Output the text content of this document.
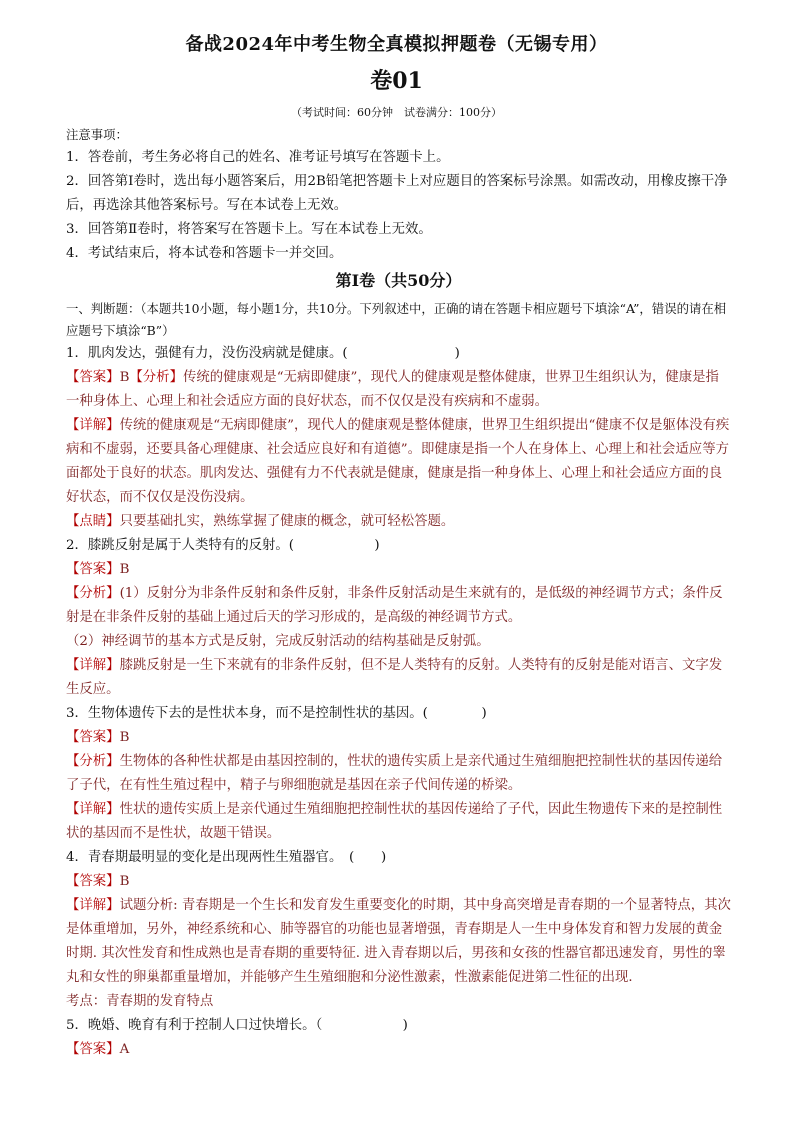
备战2024年中考生物全真模拟押题卷（无锡专用）
卷01
（考试时间：60分钟　试卷满分：100分）

注意事项：

1．答卷前，考生务必将自己的姓名、准考证号填写在答题卡上。

2．回答第Ⅰ卷时，选出每小题答案后，用2B铅笔把答题卡上对应题目的答案标号涂黑。如需改动，用橡皮擦干净后，再选涂其他答案标号。写在本试卷上无效。

3．回答第Ⅱ卷时，将答案写在答题卡上。写在本试卷上无效。

4．考试结束后，将本试卷和答题卡一并交回。

第Ⅰ卷（共50分）

一、判断题：（本题共10小题，每小题1分，共10分。下列叙述中，正确的请在答题卡相应题号下填涂“A”，错误的请在相应题号下填涂“B”）

1．肌肉发达，强健有力，没伤没病就是健康。(　　　　　　　　)

【答案】B【分析】传统的健康观是“无病即健康”，现代人的健康观是整体健康，世界卫生组织认为，健康是指一种身体上、心理上和社会适应方面的良好状态，而不仅仅是没有疾病和不虚弱。

【详解】传统的健康观是“无病即健康”，现代人的健康观是整体健康，世界卫生组织提出“健康不仅是躯体没有疾病和不虚弱，还要具备心理健康、社会适应良好和有道德”。即健康是指一个人在身体上、心理上和社会适应等方面都处于良好的状态。肌肉发达、强健有力不代表就是健康，健康是指一种身体上、心理上和社会适应方面的良好状态，而不仅仅是没伤没病。

【点睛】只要基础扎实，熟练掌握了健康的概念，就可轻松答题。

2．膝跳反射是属于人类特有的反射。(　　　　　　)

【答案】B

【分析】(1）反射分为非条件反射和条件反射，非条件反射活动是生来就有的，是低级的神经调节方式；条件反射是在非条件反射的基础上通过后天的学习形成的，是高级的神经调节方式。

（2）神经调节的基本方式是反射，完成反射活动的结构基础是反射弧。

【详解】膝跳反射是一生下来就有的非条件反射，但不是人类特有的反射。人类特有的反射是能对语言、文字发生反应。

3．生物体遗传下去的是性状本身，而不是控制性状的基因。(　　　　)

【答案】B

【分析】生物体的各种性状都是由基因控制的，性状的遗传实质上是亲代通过生殖细胞把控制性状的基因传递给了子代，在有性生殖过程中，精子与卵细胞就是基因在亲子代间传递的桥梁。

【详解】性状的遗传实质上是亲代通过生殖细胞把控制性状的基因传递给了子代，因此生物遗传下来的是控制性状的基因而不是性状，故题干错误。

4．青春期最明显的变化是出现两性生殖器官。　(　　)

【答案】B

【详解】试题分析: 青春期是一个生长和发育发生重要变化的时期，其中身高突增是青春期的一个显著特点，其次是体重增加，另外，神经系统和心、肺等器官的功能也显著增强，青春期是人一生中身体发育和智力发展的黄金时期. 其次性发育和性成熟也是青春期的重要特征. 进入青春期以后，男孩和女孩的性器官都迅速发育，男性的睾丸和女性的卵巢都重量增加，并能够产生生殖细胞和分泌性激素，性激素能促进第二性征的出现．

考点：青春期的发育特点

5．晚婚、晚育有利于控制人口过快增长。（　　　　　　)

【答案】A
